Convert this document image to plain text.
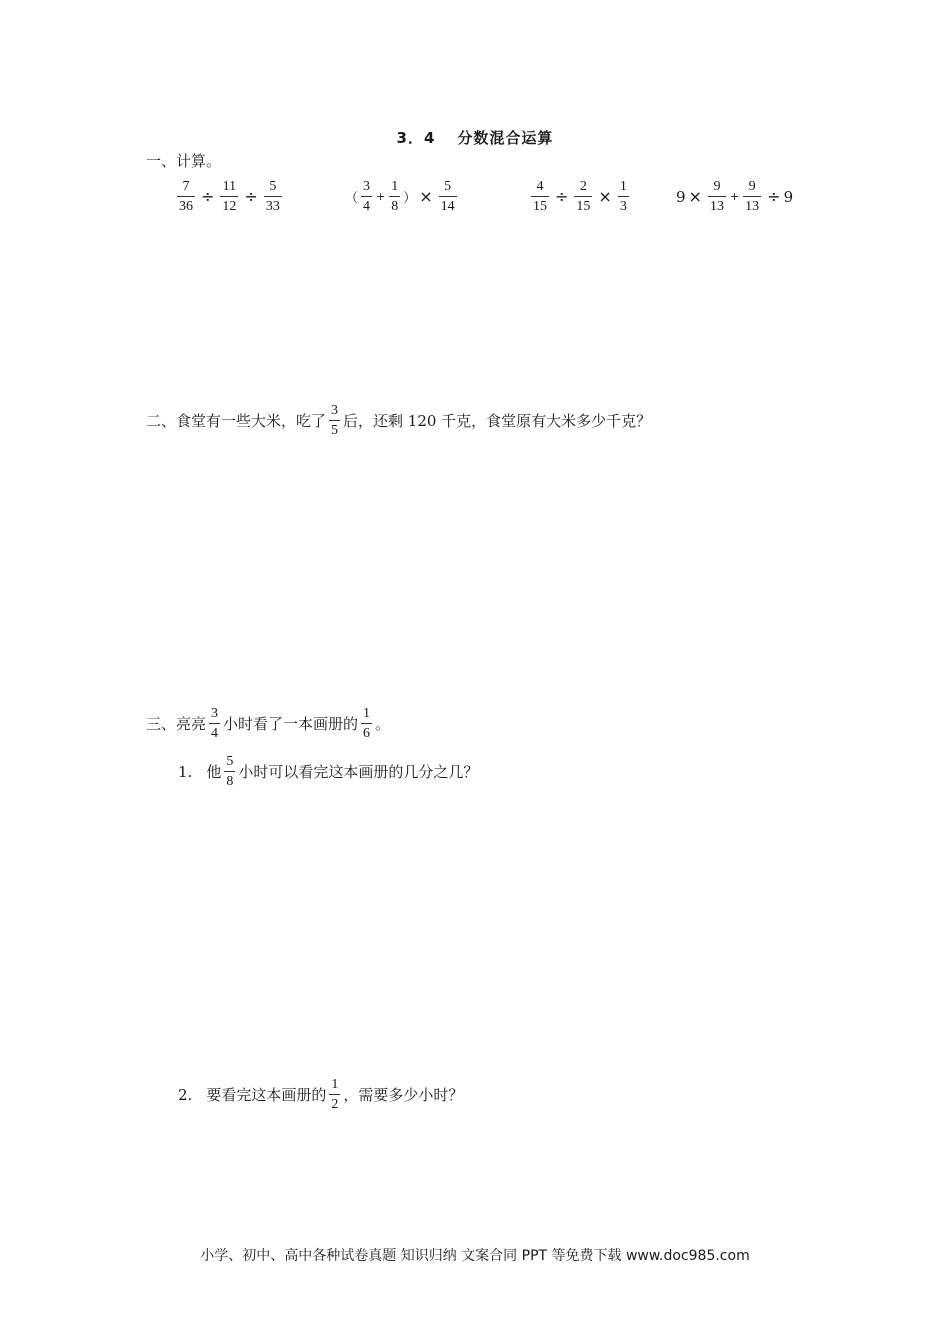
3．4 分数混合运算
一、计算。
$\frac{7}{36} \div \frac{11}{12} \div \frac{5}{33}$	（ $\frac{3}{4} + \frac{1}{8}$ ） × $\frac{5}{14}$	$\frac{4}{15} \div \frac{2}{15} \times \frac{1}{3}$	$9 \times \frac{9}{13} + \frac{9}{13} \div 9$
二、食堂有一些大米，吃了 $\frac{3}{5}$ 后，还剩 120 千克，食堂原有大米多少千克？
三、亮亮 $\frac{3}{4}$ 小时看了一本画册的 $\frac{1}{6}$ 。
1. 他 $\frac{5}{8}$ 小时可以看完这本画册的几分之几？
2. 要看完这本画册的 $\frac{1}{2}$ ，需要多少小时？
小学、初中、高中各种试卷真题 知识归纳 文案合同 PPT 等免费下载 www.doc985.com
